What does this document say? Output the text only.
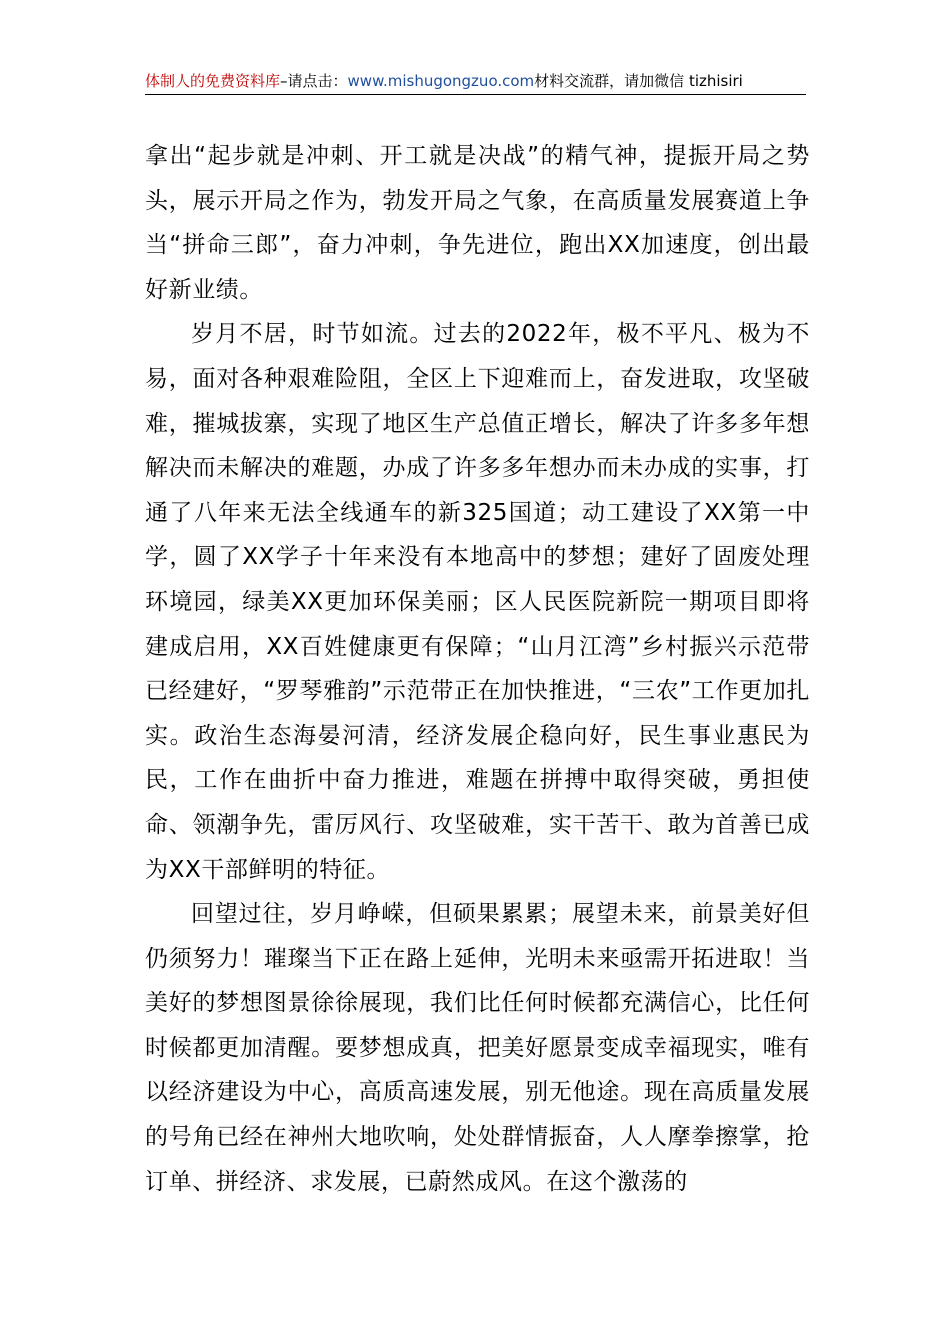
体制人的免费资料库–请点击：www.mishugongzuo.com材料交流群，请加微信 tizhisiri

拿出“起步就是冲刺、开工就是决战”的精气神，提振开局之势头，展示开局之作为，勃发开局之气象，在高质量发展赛道上争当“拼命三郎”，奋力冲刺，争先进位，跑出XX加速度，创出最好新业绩。

岁月不居，时节如流。过去的2022年，极不平凡、极为不易，面对各种艰难险阻，全区上下迎难而上，奋发进取，攻坚破难，摧城拔寨，实现了地区生产总值正增长，解决了许多多年想解决而未解决的难题，办成了许多多年想办而未办成的实事，打通了八年来无法全线通车的新325国道；动工建设了XX第一中学，圆了XX学子十年来没有本地高中的梦想；建好了固废处理环境园，绿美XX更加环保美丽；区人民医院新院一期项目即将建成启用，XX百姓健康更有保障；“山月江湾”乡村振兴示范带已经建好，“罗琴雅韵”示范带正在加快推进，“三农”工作更加扎实。政治生态海晏河清，经济发展企稳向好，民生事业惠民为民，工作在曲折中奋力推进，难题在拼搏中取得突破，勇担使命、领潮争先，雷厉风行、攻坚破难，实干苦干、敢为首善已成为XX干部鲜明的特征。

回望过往，岁月峥嵘，但硕果累累；展望未来，前景美好但仍须努力！璀璨当下正在路上延伸，光明未来亟需开拓进取！当美好的梦想图景徐徐展现，我们比任何时候都充满信心，比任何时候都更加清醒。要梦想成真，把美好愿景变成幸福现实，唯有以经济建设为中心，高质高速发展，别无他途。现在高质量发展的号角已经在神州大地吹响，处处群情振奋，人人摩拳擦掌，抢订单、拼经济、求发展，已蔚然成风。在这个激荡的
